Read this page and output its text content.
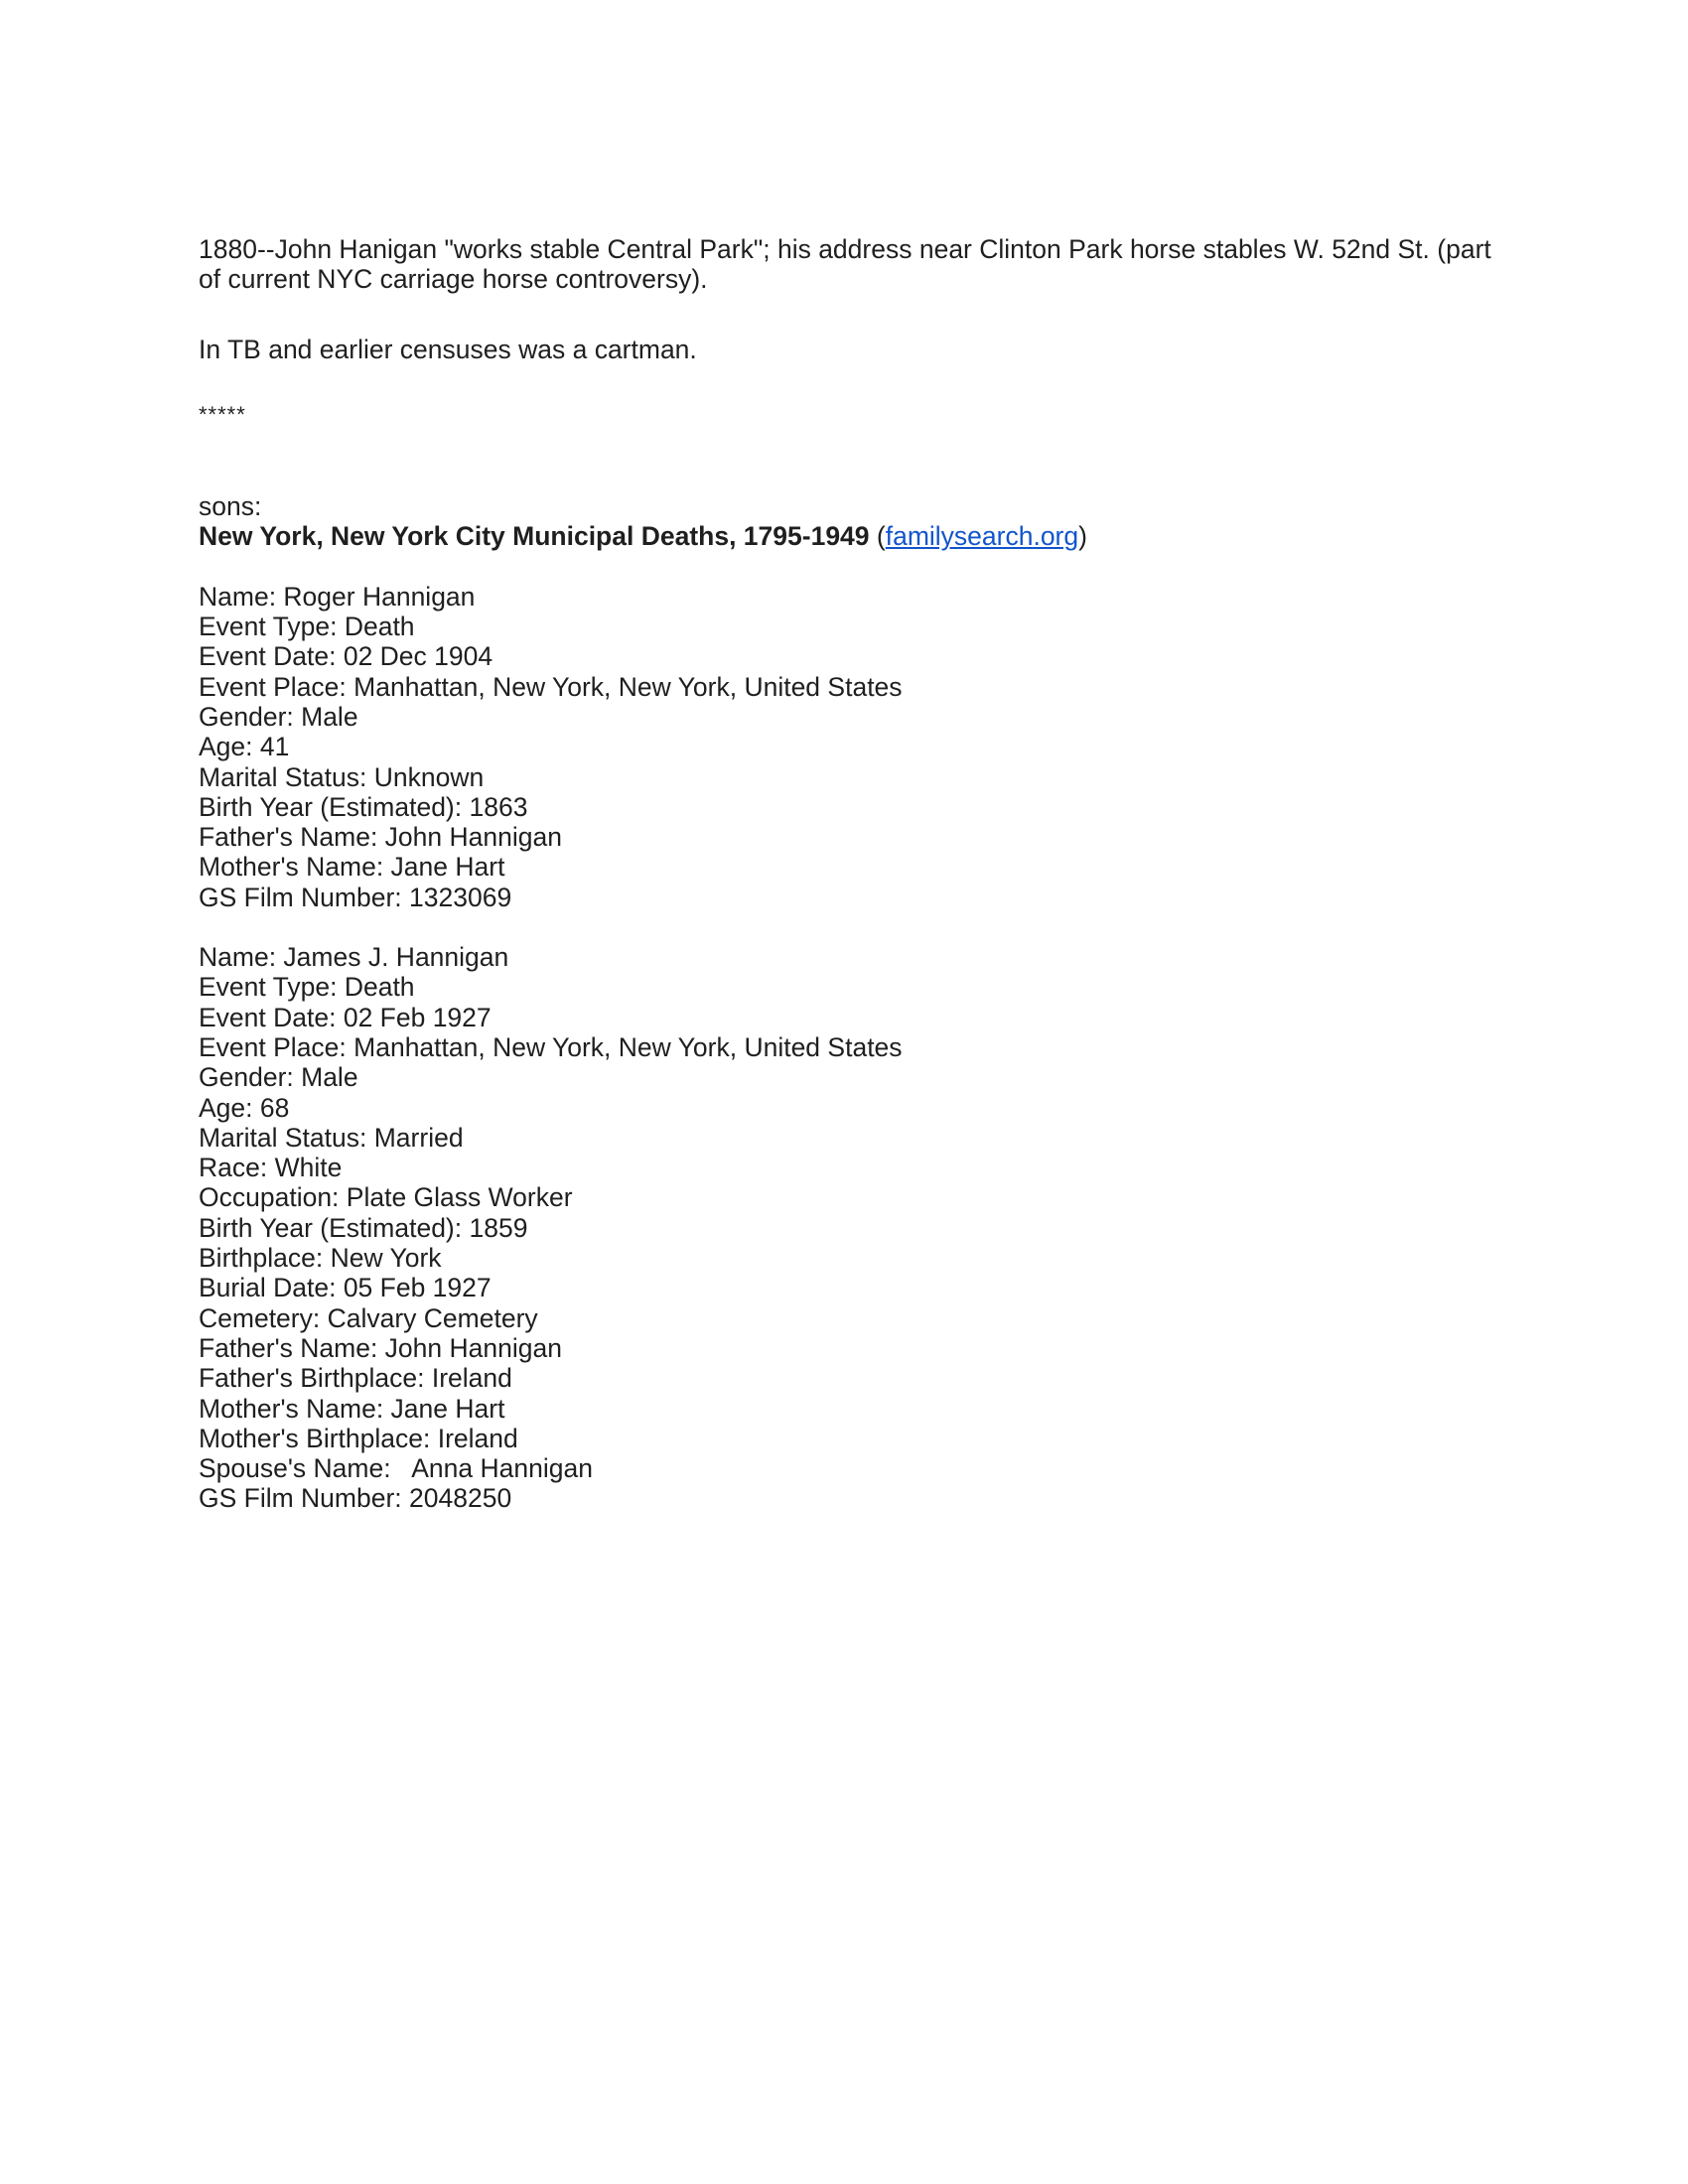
1880--John Hanigan "works stable Central Park"; his address near Clinton Park horse stables W. 52nd St. (part
of current NYC carriage horse controversy).

In TB and earlier censuses was a cartman.

*****

sons:

New York, New York City Municipal Deaths, 1795-1949 (familysearch.org)

Name: Roger Hannigan
Event Type: Death
Event Date: 02 Dec 1904
Event Place: Manhattan, New York, New York, United States
Gender: Male
Age: 41
Marital Status: Unknown
Birth Year (Estimated): 1863
Father's Name: John Hannigan
Mother's Name: Jane Hart
GS Film Number: 1323069
Name: James J. Hannigan
Event Type: Death
Event Date: 02 Feb 1927
Event Place: Manhattan, New York, New York, United States
Gender: Male
Age: 68
Marital Status: Married
Race: White
Occupation: Plate Glass Worker
Birth Year (Estimated): 1859
Birthplace: New York
Burial Date: 05 Feb 1927
Cemetery: Calvary Cemetery
Father's Name: John Hannigan
Father's Birthplace: Ireland
Mother's Name: Jane Hart
Mother's Birthplace: Ireland
Spouse's Name:   Anna Hannigan
GS Film Number: 2048250
